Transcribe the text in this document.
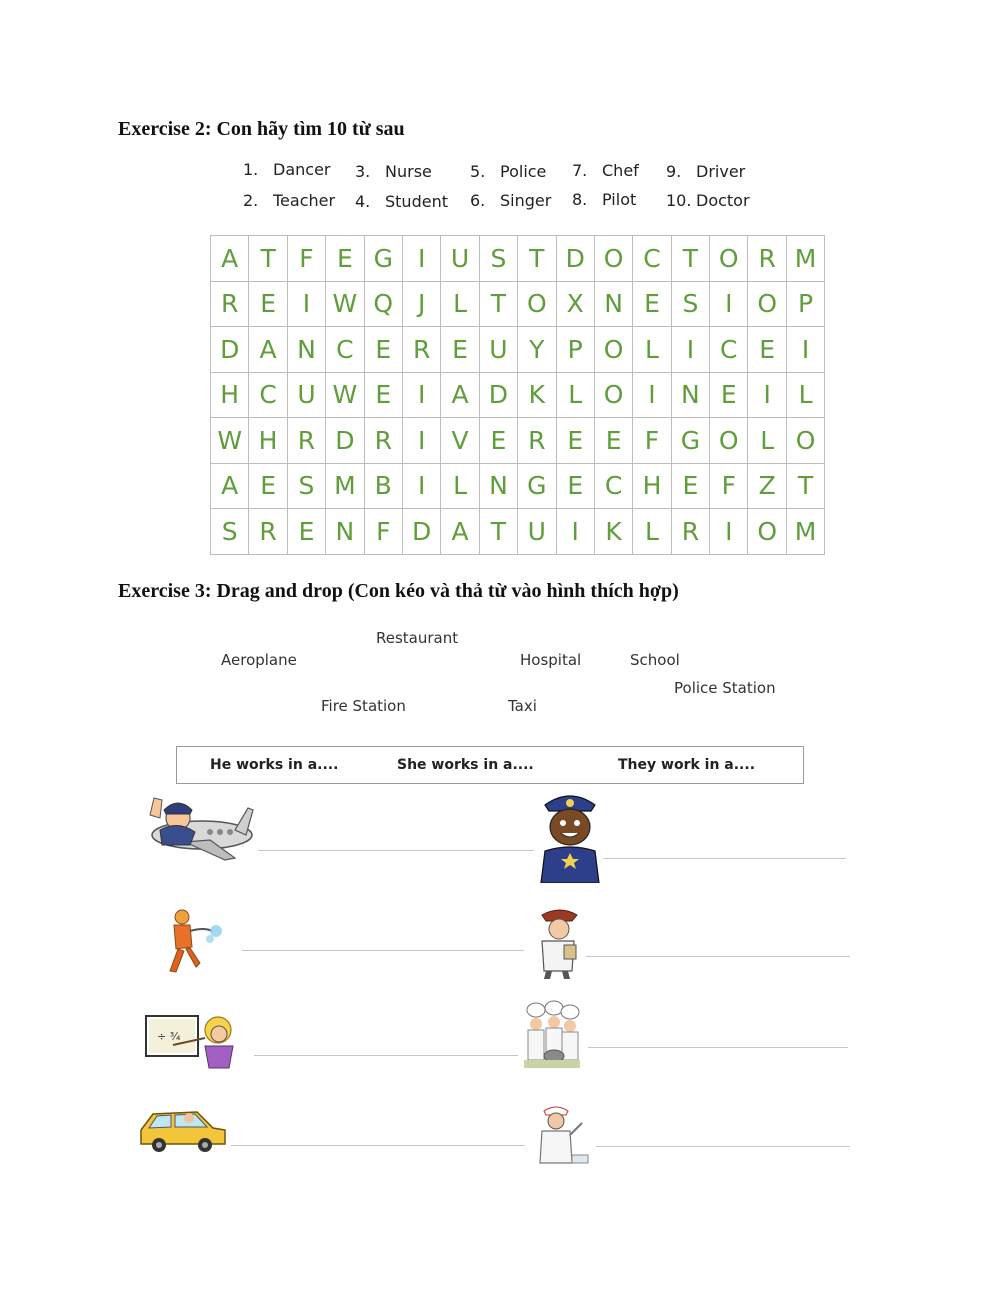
Exercise 2: Con hãy tìm 10 từ sau
1. Dancer
2. Teacher
3. Nurse
4. Student
5. Police
6. Singer
7. Chef
8. Pilot
9. Driver
10. Doctor
A	T	F	E	G	I	U	S	T	D	O	C	T	O	R	M
R	E	I	W	Q	J	L	T	O	X	N	E	S	I	O	P
D	A	N	C	E	R	E	U	Y	P	O	L	I	C	E	I
H	C	U	W	E	I	A	D	K	L	O	I	N	E	I	L
W	H	R	D	R	I	V	E	R	E	E	F	G	O	L	O
A	E	S	M	B	I	L	N	G	E	C	H	E	F	Z	T
S	R	E	N	F	D	A	T	U	I	K	L	R	I	O	M
Exercise 3: Drag and drop (Con kéo và thả từ vào hình thích hợp)
Restaurant
Aeroplane	Hospital	School
Police Station
Fire Station	Taxi
He works in a....	She works in a....	They work in a....
÷ ³⁄₄
